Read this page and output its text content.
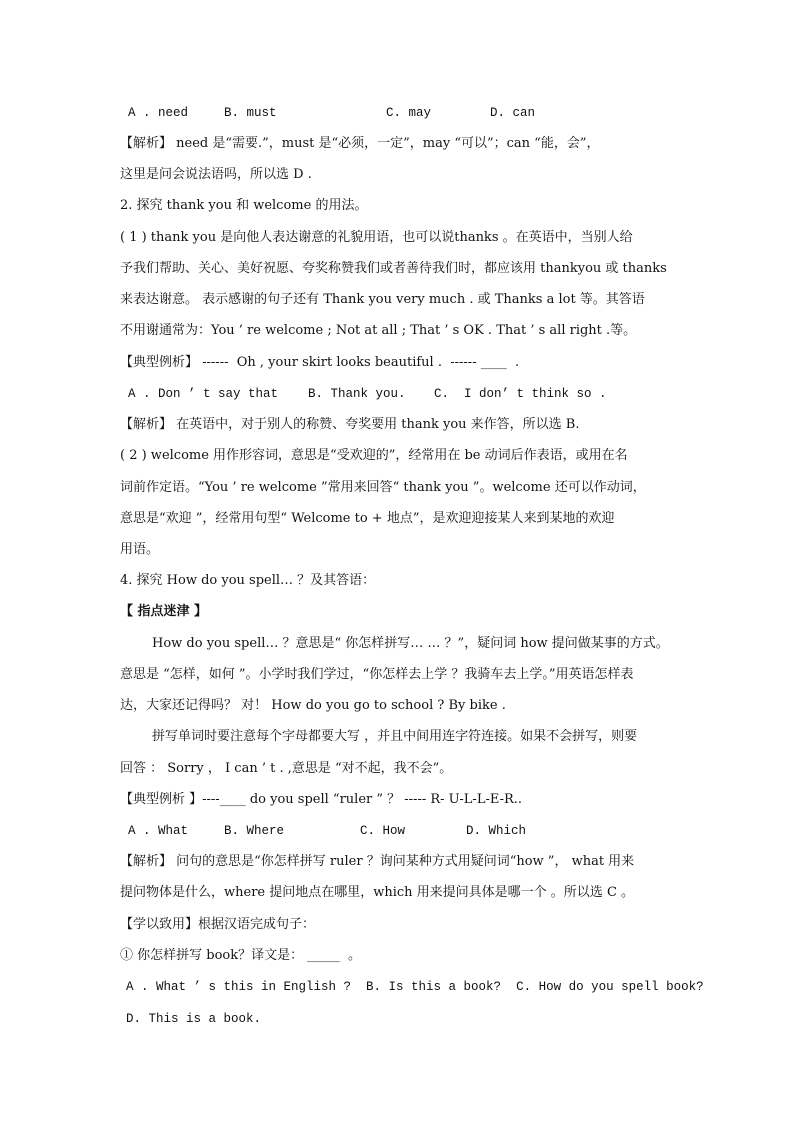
A . need	B. must	C. may	D. can
【解析】 need 是“需要.”，must 是“必须，一定”，may “可以”；can “能，会”，
这里是问会说法语吗，所以选 D .
2. 探究 thank you 和 welcome 的用法。
( 1 ) thank you 是向他人表达谢意的礼貌用语，也可以说thanks 。在英语中，当别人给
予我们帮助、关心、美好祝愿、夸奖称赞我们或者善待我们时，都应该用 thankyou 或 thanks
来表达谢意。 表示感谢的句子还有 Thank you very much . 或 Thanks a lot 等。其答语
不用谢通常为：You ’ re welcome ; Not at all ; That ’ s OK . That ’ s all right .等。
【典型例析】 ------  Oh , your skirt looks beautiful .  ------ ____  .
A . Don ’ t say that B. Thank you. C.  I don’ t think so .
【解析】 在英语中，对于别人的称赞、夸奖要用 thank you 来作答，所以选 B.
( 2 ) welcome 用作形容词，意思是“受欢迎的”，经常用在 be 动词后作表语，或用在名
词前作定语。“You ’ re welcome ”常用来回答“ thank you ”。welcome 还可以作动词，
意思是“欢迎 ”，经常用句型“ Welcome to + 地点”，是欢迎迎接某人来到某地的欢迎
用语。
4. 探究 How do you spell… ？及其答语：
【 指点迷津 】
How do you spell… ？意思是“ 你怎样拼写… … ？”，疑问词 how 提问做某事的方式。
意思是 “怎样，如何 ”。小学时我们学过，“你怎样去上学 ？我骑车去上学。”用英语怎样表
达，大家还记得吗？ 对！ How do you go to school ? By bike .
拼写单词时要注意每个字母都要大写 ，并且中间用连字符连接。如果不会拼写，则要
回答 ： Sorry ， I can ’ t . ,意思是 “对不起，我不会”。
【典型例析 】----____ do you spell “ruler ” ？ ----- R- U-L-L-E-R..
A . What	B. Where	C. How	D. Which
【解析】 问句的意思是“你怎样拼写 ruler ？询问某种方式用疑问词“how ”， what 用来
提问物体是什么，where 提问地点在哪里，which 用来提问具体是哪一个 。所以选 C 。
【学以致用】根据汉语完成句子：
① 你怎样拼写 book？译文是： _____  。
A . What ’ s this in English ?  B. Is this a book?  C. How do you spell book?
D. This is a book.
